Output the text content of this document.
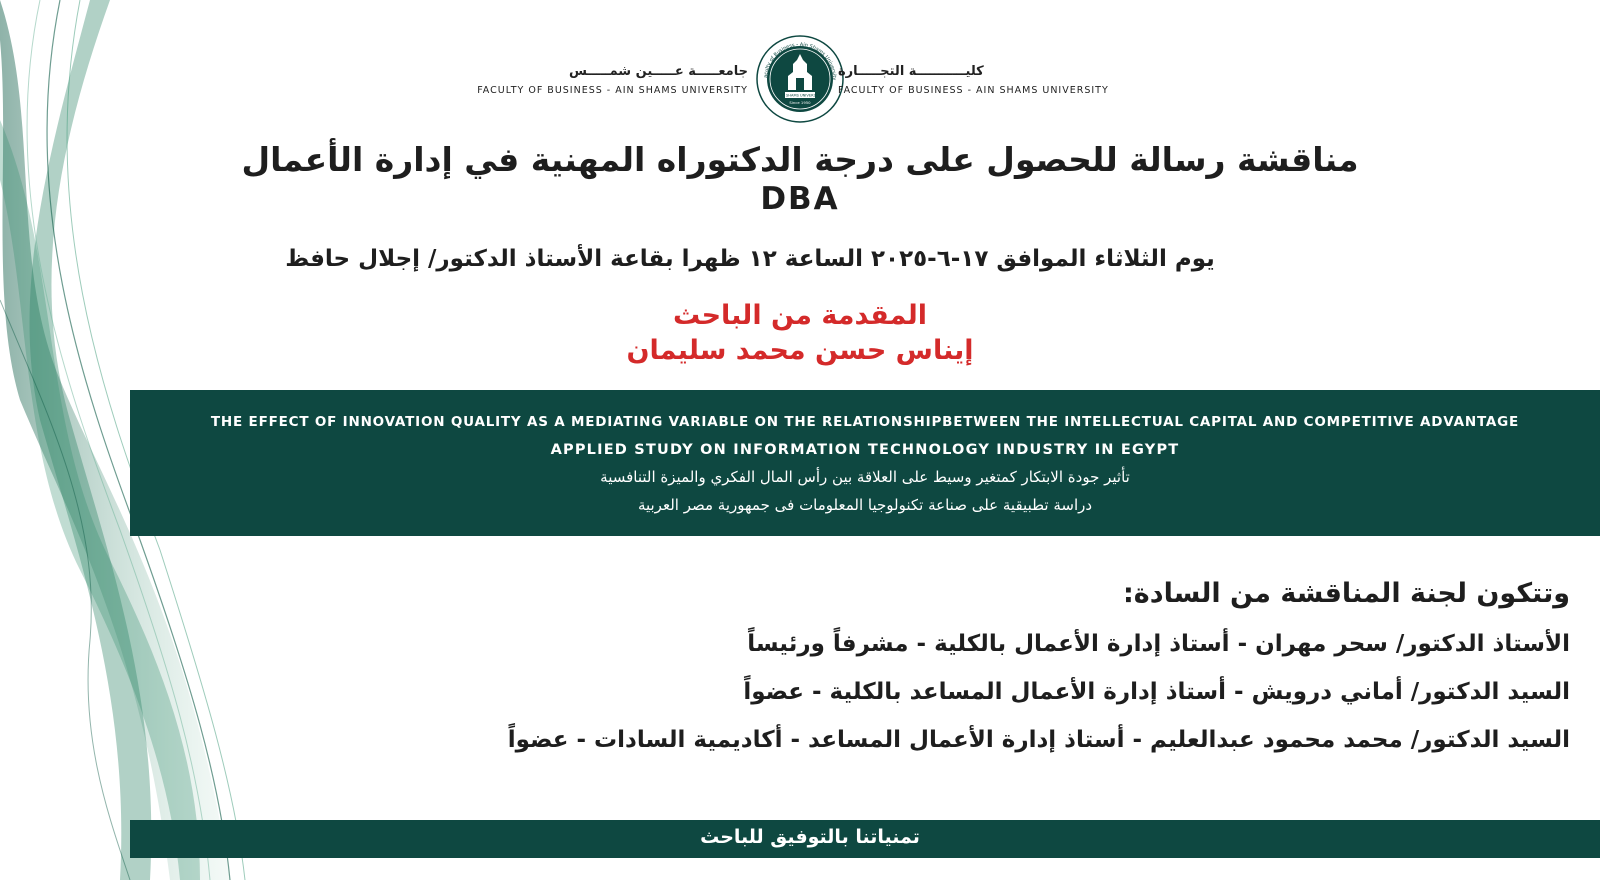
جامعـــــة عـــــين شمـــــس
FACULTY OF BUSINESS - AIN SHAMS UNIVERSITY	AIN SHAMS UNIVERSITY
Since 1950
aculty of Business - Ain Shams University كليـــــــــــة التجـــــارة
FACULTY OF BUSINESS - AIN SHAMS UNIVERSITY
مناقشة رسالة للحصول على درجة الدكتوراه المهنية في إدارة الأعمال
DBA
يوم الثلاثاء الموافق ١٧-٦-٢٠٢٥ الساعة ١٢ ظهرا بقاعة الأستاذ الدكتور/ إجلال حافظ
المقدمة من الباحث
إيناس حسن محمد سليمان
THE EFFECT OF INNOVATION QUALITY AS A MEDIATING VARIABLE ON THE RELATIONSHIPBETWEEN THE INTELLECTUAL CAPITAL AND COMPETITIVE ADVANTAGE
APPLIED STUDY ON INFORMATION TECHNOLOGY INDUSTRY IN EGYPT
تأثير جودة الابتكار كمتغير وسيط على العلاقة بين رأس المال الفكري والميزة التنافسية
دراسة تطبيقية على صناعة تكنولوجيا المعلومات فى جمهورية مصر العربية
وتتكون لجنة المناقشة من السادة:
الأستاذ الدكتور/ سحر مهران - أستاذ إدارة الأعمال بالكلية - مشرفاً ورئيساً
السيد الدكتور/ أماني درويش - أستاذ إدارة الأعمال المساعد بالكلية - عضواً
السيد الدكتور/ محمد محمود عبدالعليم - أستاذ إدارة الأعمال المساعد - أكاديمية السادات - عضواً
تمنياتنا بالتوفيق للباحث
